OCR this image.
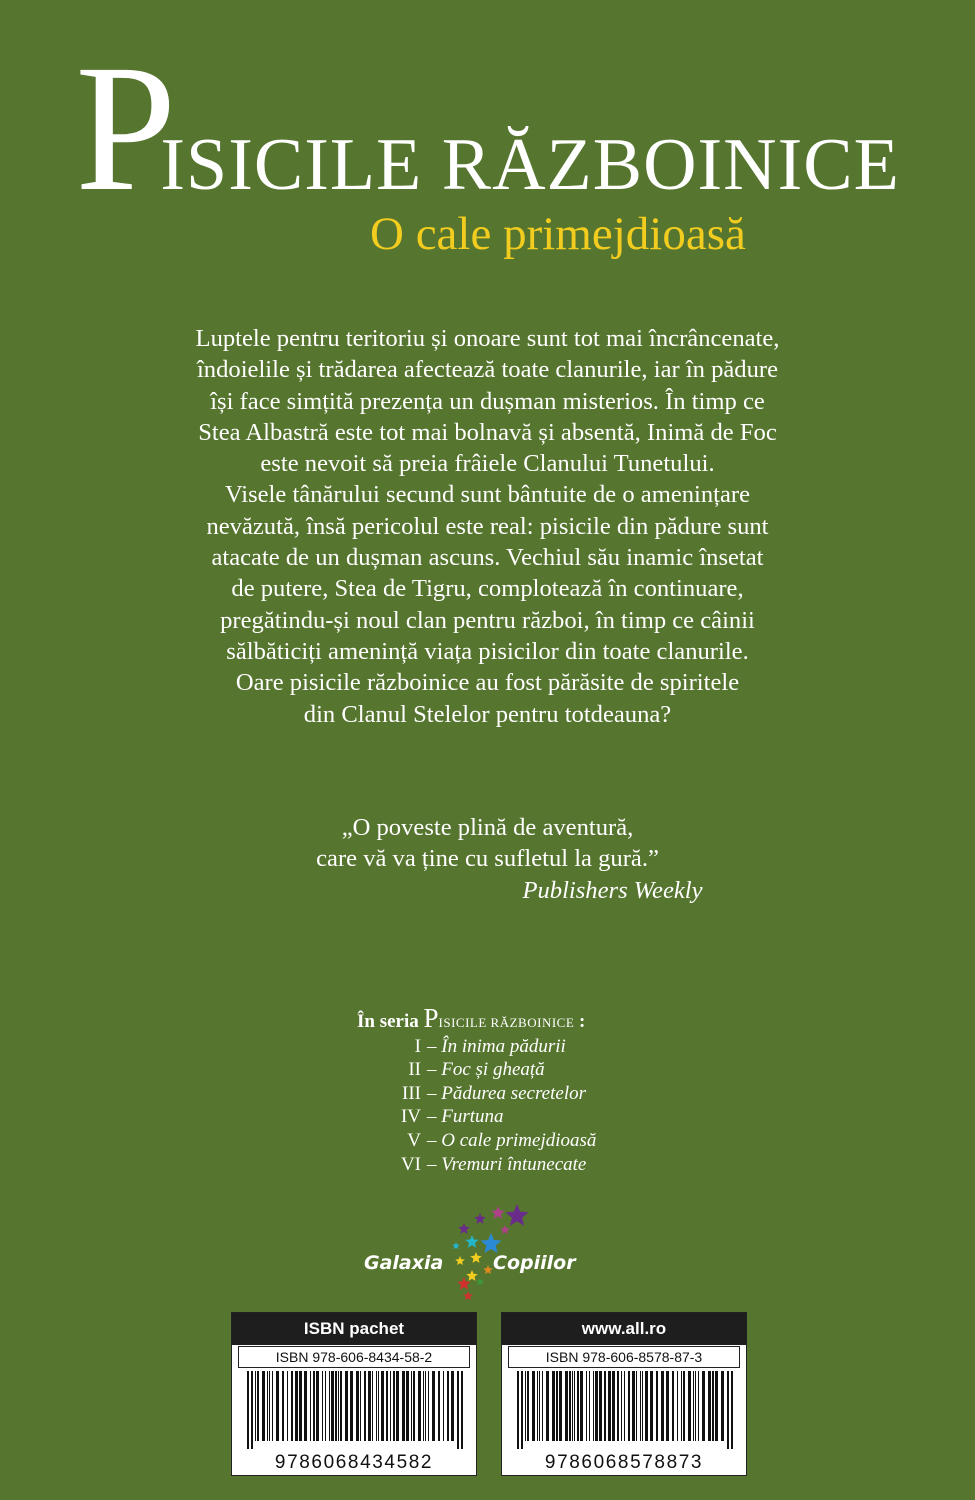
PISICILE RĂZBOINICE
O cale primejdioasă

Luptele pentru teritoriu și onoare sunt tot mai încrâncenate,
îndoielile și trădarea afectează toate clanurile, iar în pădure
își face simțită prezența un dușman misterios. În timp ce
Stea Albastră este tot mai bolnavă și absentă, Inimă de Foc
este nevoit să preia frâiele Clanului Tunetului.
Visele tânărului secund sunt bântuite de o amenințare
nevăzută, însă pericolul este real: pisicile din pădure sunt
atacate de un dușman ascuns. Vechiul său inamic însetat
de putere, Stea de Tigru, complotează în continuare,
pregătindu-și noul clan pentru război, în timp ce câinii
sălbăticiți amenință viața pisicilor din toate clanurile.
Oare pisicile războinice au fost părăsite de spiritele
din Clanul Stelelor pentru totdeauna?

„O poveste plină de aventură,
care vă va ține cu sufletul la gură.”
Publishers Weekly
În seria PISICILE RĂZBOINICE :
I – În inima pădurii
II – Foc și gheață
III – Pădurea secretelor
IV – Furtuna
V – O cale primejdioasă
VI – Vremuri întunecate
Galaxia	Copiilor
ISBN pachet
ISBN 978-606-8434-58-2
9786068434582
www.all.ro
ISBN 978-606-8578-87-3
9786068578873
